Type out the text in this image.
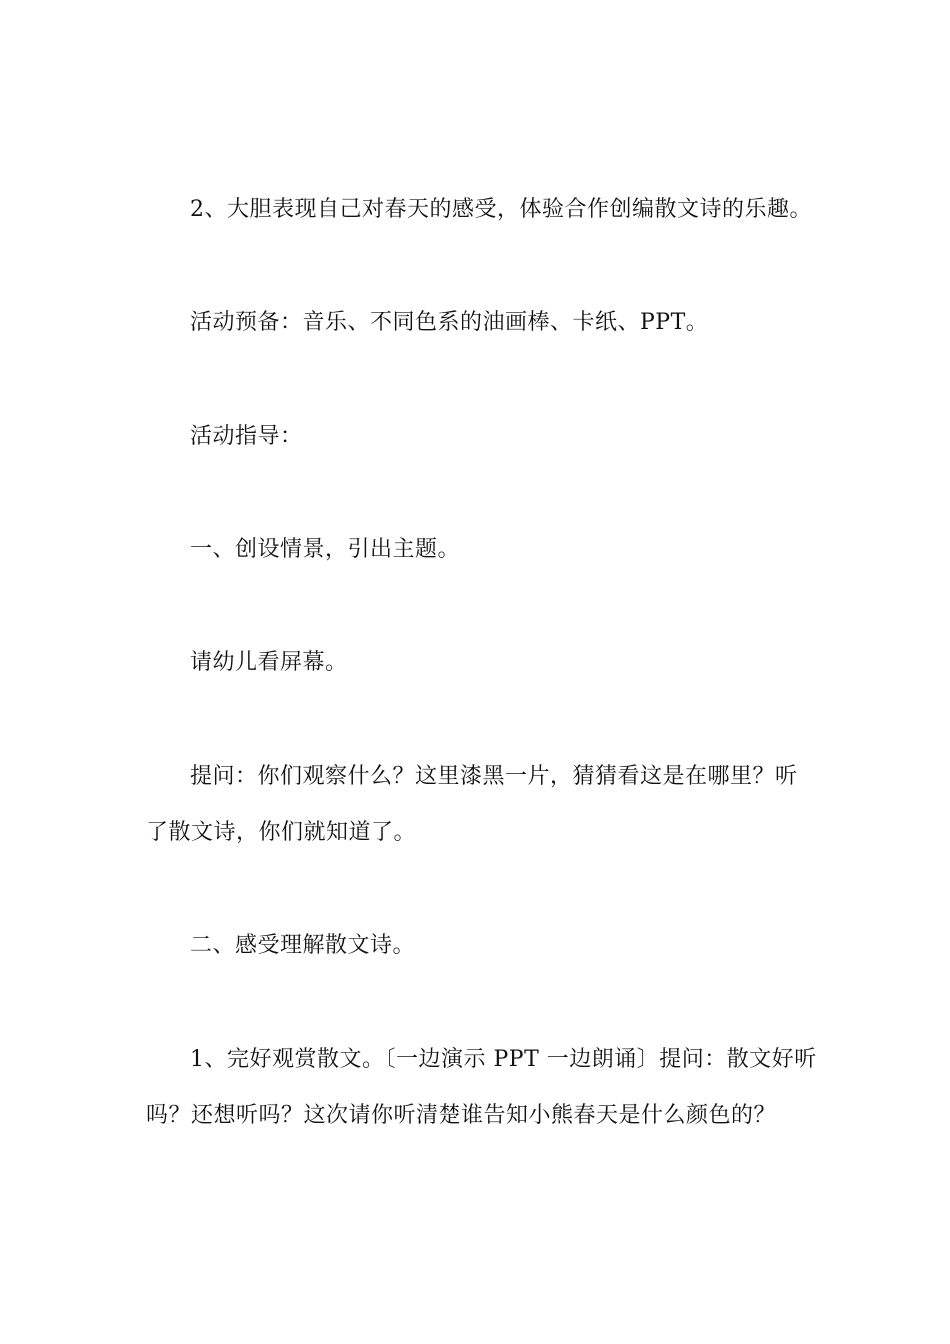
2、大胆表现自己对春天的感受，体验合作创编散文诗的乐趣。
活动预备：音乐、不同色系的油画棒、卡纸、PPT。
活动指导：
一、创设情景，引出主题。
请幼儿看屏幕。
提问：你们观察什么？这里漆黑一片，猜猜看这是在哪里？听
了散文诗，你们就知道了。
二、感受理解散文诗。
1、完好观赏散文。〔一边演示 PPT 一边朗诵〕提问：散文好听
吗？还想听吗？这次请你听清楚谁告知小熊春天是什么颜色的？
